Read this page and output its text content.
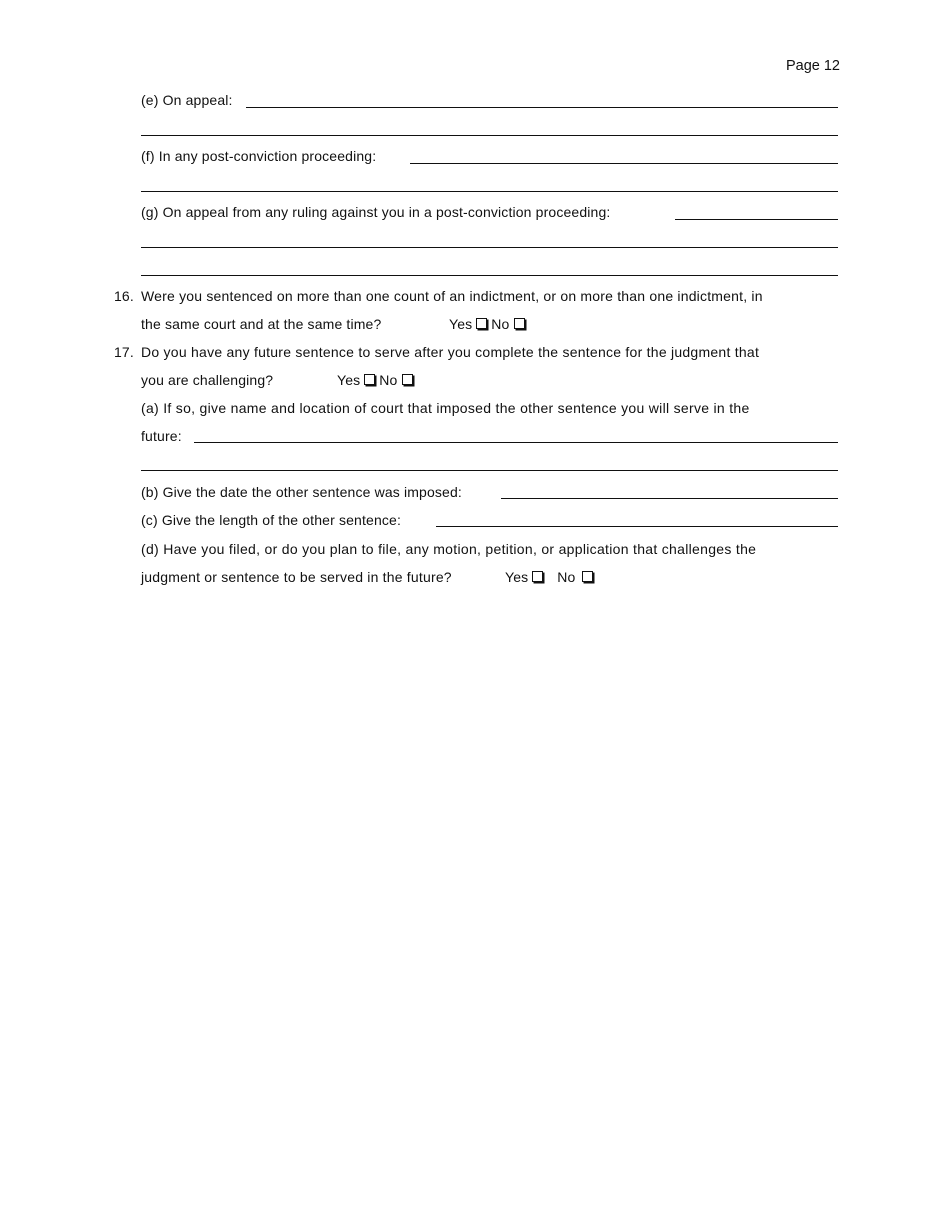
Page 12
(e) On appeal:
(f) In any post-conviction proceeding:
(g) On appeal from any ruling against you in a post-conviction proceeding:
16. Were you sentenced on more than one count of an indictment, or on more than one indictment, in
the same court and at the same time?	Yes No
17. Do you have any future sentence to serve after you complete the sentence for the judgment that
you are challenging?	Yes No
(a) If so, give name and location of court that imposed the other sentence you will serve in the
future:
(b) Give the date the other sentence was imposed:
(c) Give the length of the other sentence:
(d) Have you filed, or do you plan to file, any motion, petition, or application that challenges the
judgment or sentence to be served in the future?	Yes No
